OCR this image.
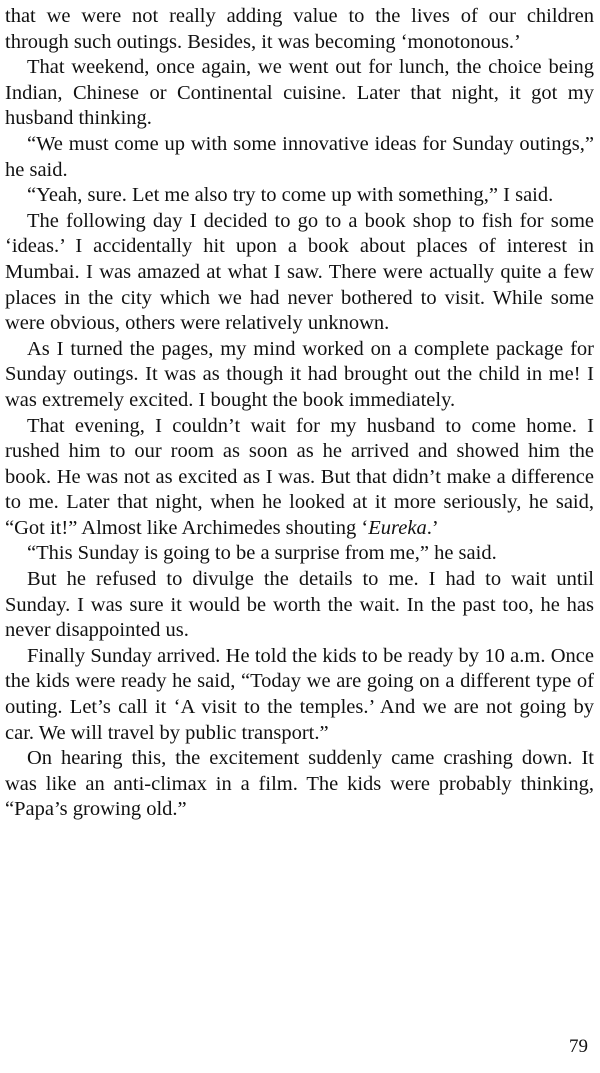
that we were not really adding value to the lives of our children through such outings. Besides, it was becoming ‘monotonous.’

That weekend, once again, we went out for lunch, the choice being Indian, Chinese or Continental cuisine. Later that night, it got my husband thinking.

“We must come up with some innovative ideas for Sunday outings,” he said.

“Yeah, sure. Let me also try to come up with something,” I said.

The following day I decided to go to a book shop to fish for some ‘ideas.’ I accidentally hit upon a book about places of interest in Mumbai. I was amazed at what I saw. There were actually quite a few places in the city which we had never bothered to visit. While some were obvious, others were relatively unknown.

As I turned the pages, my mind worked on a complete package for Sunday outings. It was as though it had brought out the child in me! I was extremely excited. I bought the book immediately.

That evening, I couldn’t wait for my husband to come home. I rushed him to our room as soon as he arrived and showed him the book. He was not as excited as I was. But that didn’t make a difference to me. Later that night, when he looked at it more seriously, he said, “Got it!” Almost like Archimedes shouting ‘Eureka.’

“This Sunday is going to be a surprise from me,” he said.

But he refused to divulge the details to me. I had to wait until Sunday. I was sure it would be worth the wait. In the past too, he has never disappointed us.

Finally Sunday arrived. He told the kids to be ready by 10 a.m. Once the kids were ready he said, “Today we are going on a different type of outing. Let’s call it ‘A visit to the temples.’ And we are not going by car. We will travel by public transport.”

On hearing this, the excitement suddenly came crashing down. It was like an anti-climax in a film. The kids were probably thinking, “Papa’s growing old.”

79
